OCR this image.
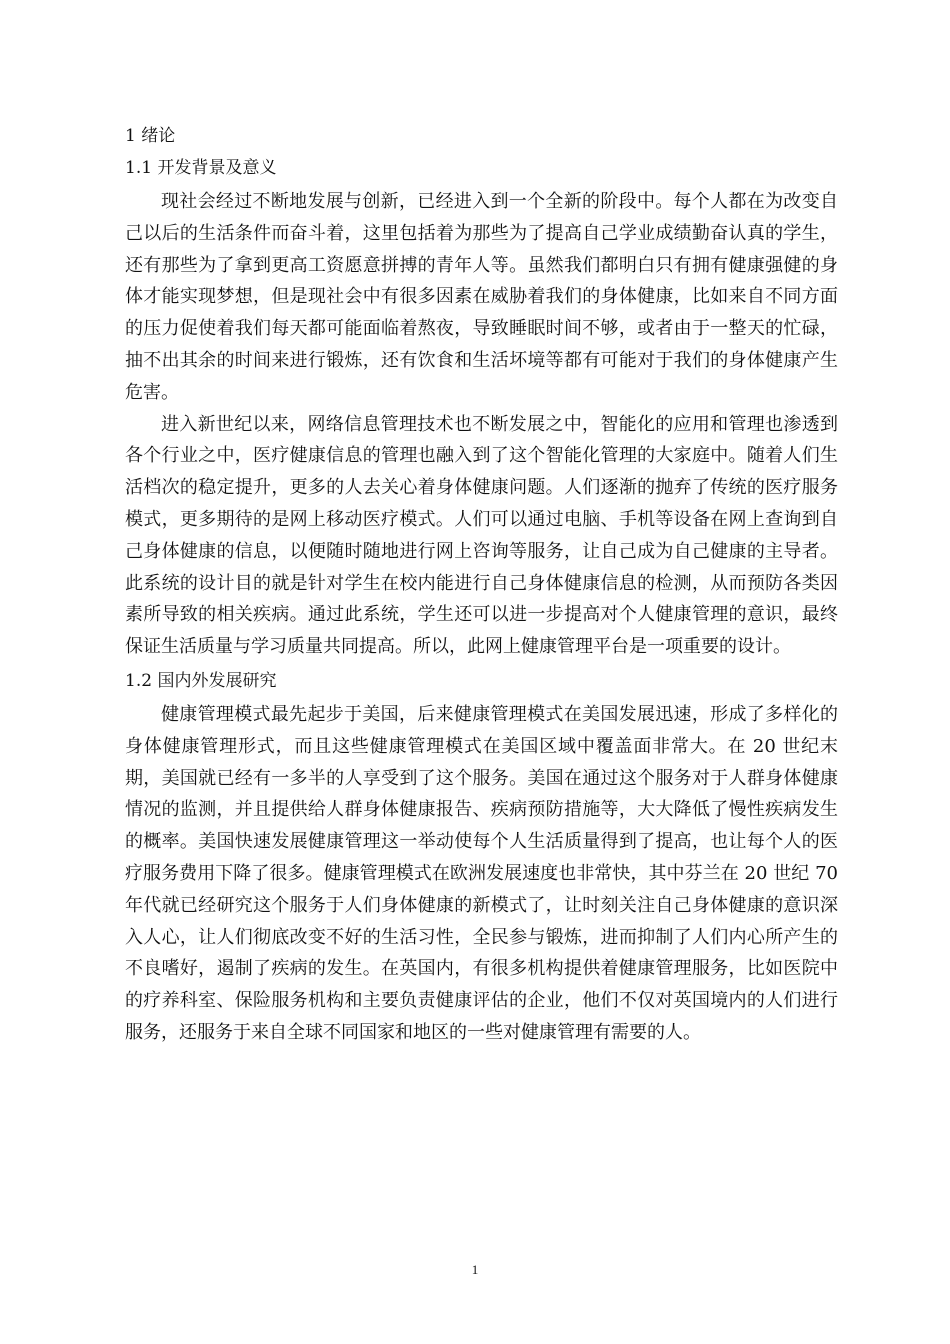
1 绪论

1.1 开发背景及意义

现社会经过不断地发展与创新，已经进入到一个全新的阶段中。每个人都在为改变自己以后的生活条件而奋斗着，这里包括着为那些为了提高自己学业成绩勤奋认真的学生，还有那些为了拿到更高工资愿意拼搏的青年人等。虽然我们都明白只有拥有健康强健的身体才能实现梦想，但是现社会中有很多因素在威胁着我们的身体健康，比如来自不同方面的压力促使着我们每天都可能面临着熬夜，导致睡眠时间不够，或者由于一整天的忙碌，抽不出其余的时间来进行锻炼，还有饮食和生活坏境等都有可能对于我们的身体健康产生危害。

进入新世纪以来，网络信息管理技术也不断发展之中，智能化的应用和管理也渗透到各个行业之中，医疗健康信息的管理也融入到了这个智能化管理的大家庭中。随着人们生活档次的稳定提升，更多的人去关心着身体健康问题。人们逐渐的抛弃了传统的医疗服务模式，更多期待的是网上移动医疗模式。人们可以通过电脑、手机等设备在网上查询到自己身体健康的信息，以便随时随地进行网上咨询等服务，让自己成为自己健康的主导者。此系统的设计目的就是针对学生在校内能进行自己身体健康信息的检测，从而预防各类因素所导致的相关疾病。通过此系统，学生还可以进一步提高对个人健康管理的意识，最终保证生活质量与学习质量共同提高。所以，此网上健康管理平台是一项重要的设计。

1.2 国内外发展研究

健康管理模式最先起步于美国，后来健康管理模式在美国发展迅速，形成了多样化的身体健康管理形式，而且这些健康管理模式在美国区域中覆盖面非常大。在 20 世纪末期，美国就已经有一多半的人享受到了这个服务。美国在通过这个服务对于人群身体健康情况的监测，并且提供给人群身体健康报告、疾病预防措施等，大大降低了慢性疾病发生的概率。美国快速发展健康管理这一举动使每个人生活质量得到了提高，也让每个人的医疗服务费用下降了很多。健康管理模式在欧洲发展速度也非常快，其中芬兰在 20 世纪 70 年代就已经研究这个服务于人们身体健康的新模式了，让时刻关注自己身体健康的意识深入人心，让人们彻底改变不好的生活习性，全民参与锻炼，进而抑制了人们内心所产生的不良嗜好，遏制了疾病的发生。在英国内，有很多机构提供着健康管理服务，比如医院中的疗养科室、保险服务机构和主要负责健康评估的企业，他们不仅对英国境内的人们进行服务，还服务于来自全球不同国家和地区的一些对健康管理有需要的人。

1
